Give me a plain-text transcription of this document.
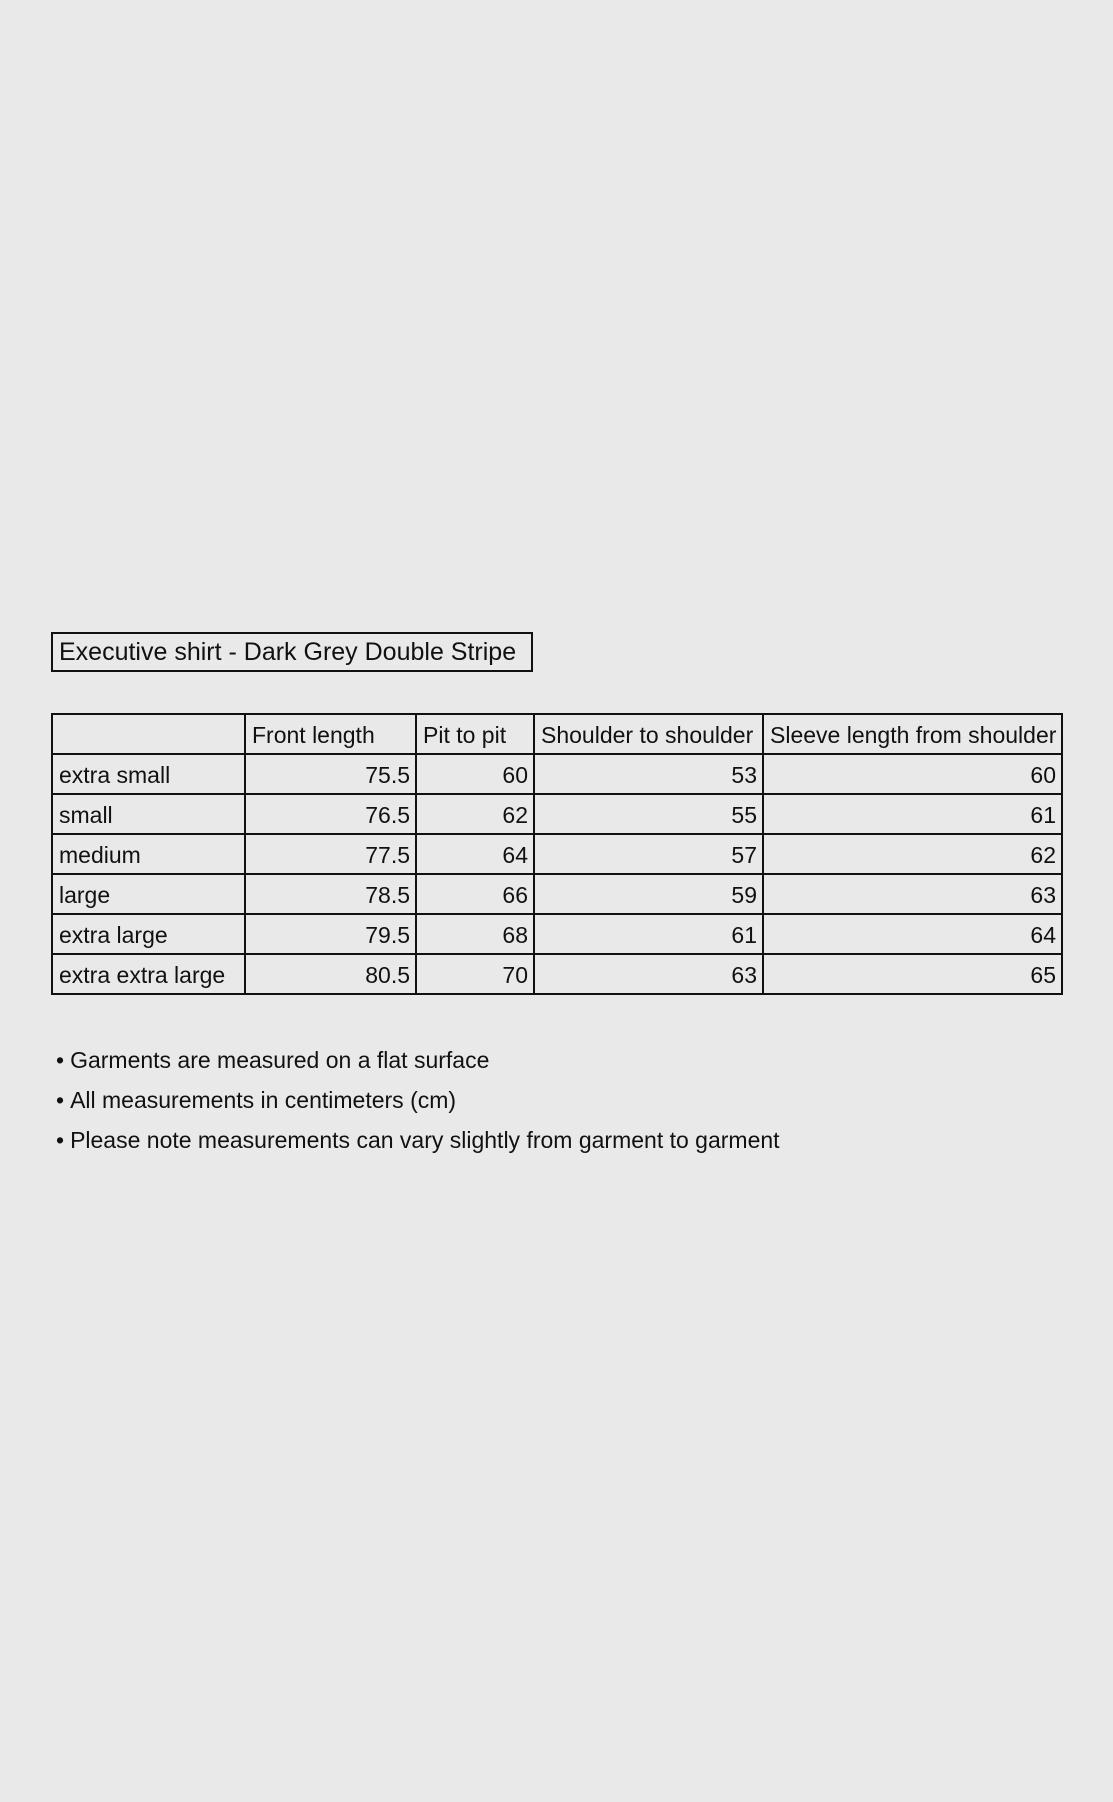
Executive shirt - Dark Grey Double Stripe
	Front length	Pit to pit	Shoulder to shoulder	Sleeve length from shoulder
extra small	75.5	60	53	60
small	76.5	62	55	61
medium	77.5	64	57	62
large	78.5	66	59	63
extra large	79.5	68	61	64
extra extra large	80.5	70	63	65
• Garments are measured on a flat surface
• All measurements in centimeters (cm)
• Please note measurements can vary slightly from garment to garment
